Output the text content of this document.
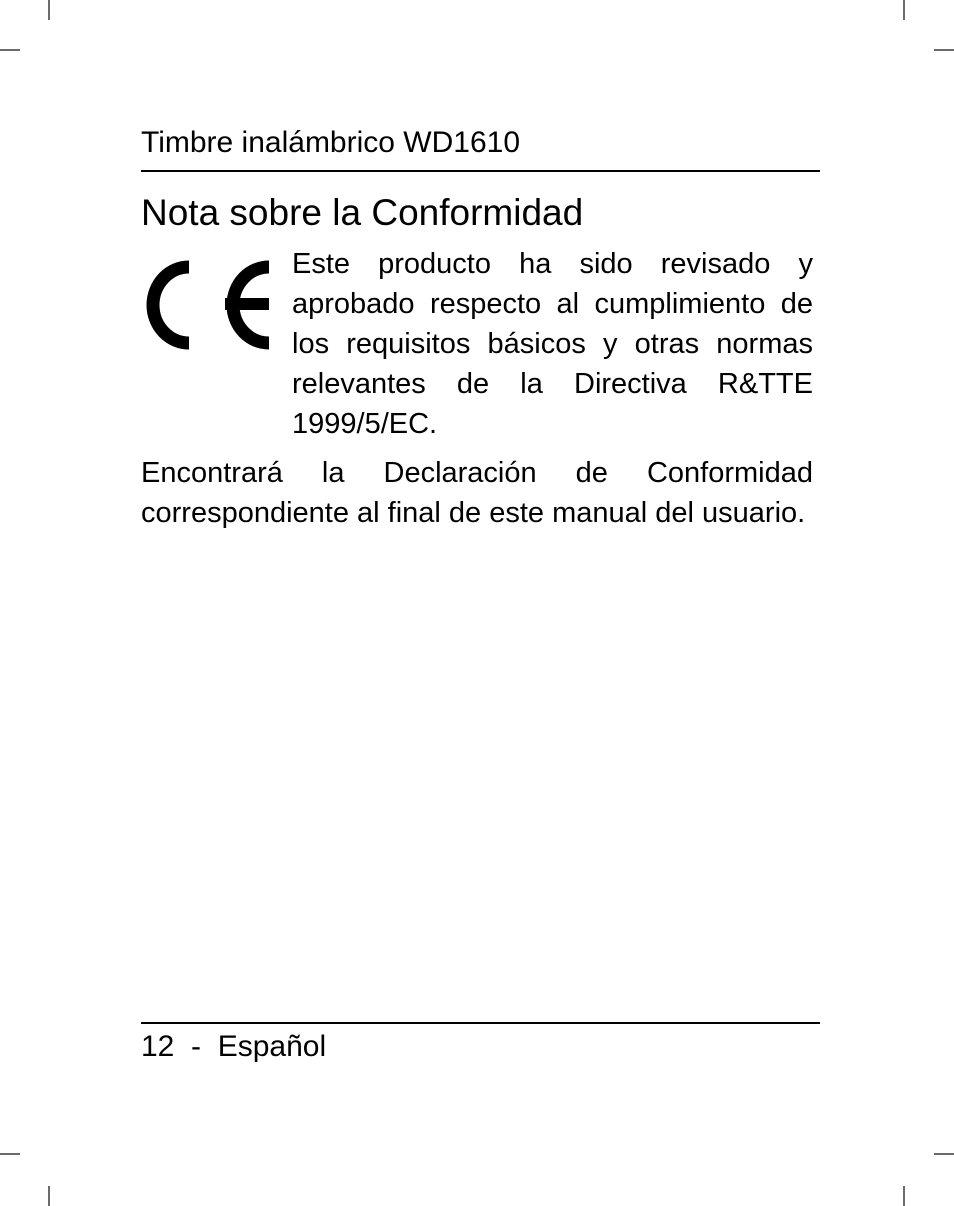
Timbre inalámbrico WD1610
Nota sobre la Conformidad
Este producto ha sido revisado y aprobado respecto al cumplimiento de los requisitos básicos y otras normas relevantes de la Directiva R&TTE 1999/5/EC.
Encontrará la Declaración de Conformidad correspondiente al final de este manual del usuario.
12  -  Español
